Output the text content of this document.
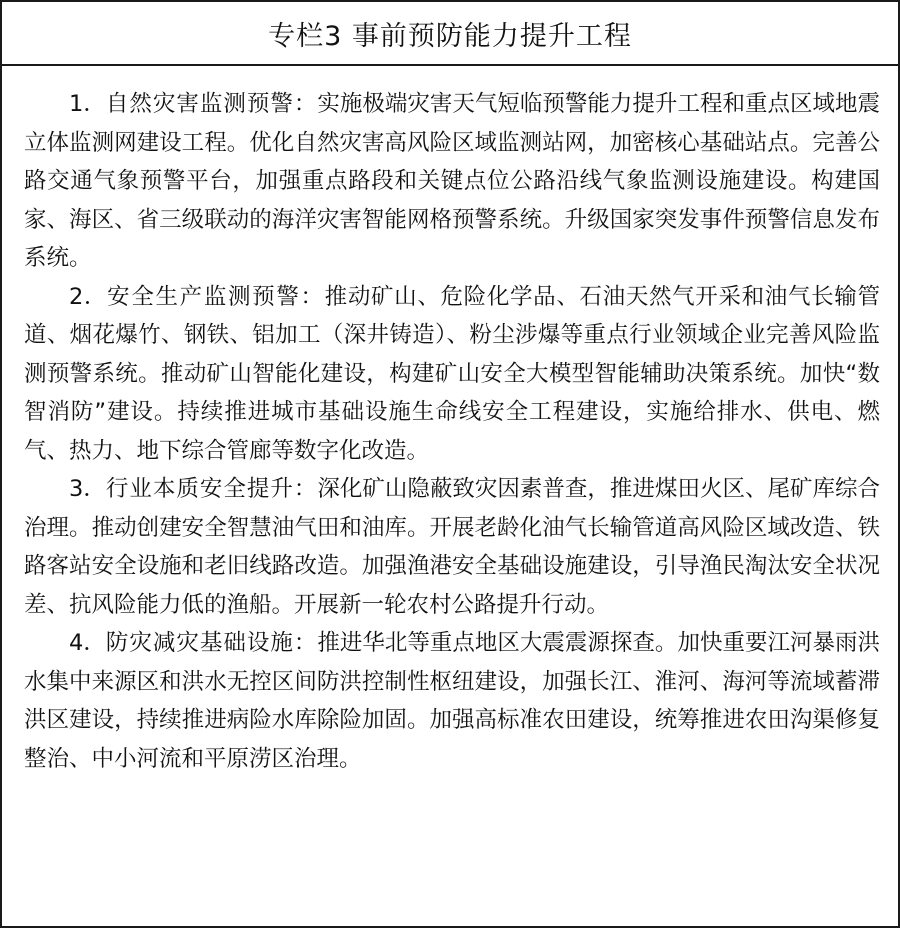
专栏3 事前预防能力提升工程

1．自然灾害监测预警：实施极端灾害天气短临预警能力提升工程和重点区域地震立体监测网建设工程。优化自然灾害高风险区域监测站网，加密核心基础站点。完善公路交通气象预警平台，加强重点路段和关键点位公路沿线气象监测设施建设。构建国家、海区、省三级联动的海洋灾害智能网格预警系统。升级国家突发事件预警信息发布系统。

2．安全生产监测预警：推动矿山、危险化学品、石油天然气开采和油气长输管道、烟花爆竹、钢铁、铝加工（深井铸造）、粉尘涉爆等重点行业领域企业完善风险监测预警系统。推动矿山智能化建设，构建矿山安全大模型智能辅助决策系统。加快“数智消防”建设。持续推进城市基础设施生命线安全工程建设，实施给排水、供电、燃气、热力、地下综合管廊等数字化改造。

3．行业本质安全提升：深化矿山隐蔽致灾因素普查，推进煤田火区、尾矿库综合治理。推动创建安全智慧油气田和油库。开展老龄化油气长输管道高风险区域改造、铁路客站安全设施和老旧线路改造。加强渔港安全基础设施建设，引导渔民淘汰安全状况差、抗风险能力低的渔船。开展新一轮农村公路提升行动。

4．防灾减灾基础设施：推进华北等重点地区大震震源探查。加快重要江河暴雨洪水集中来源区和洪水无控区间防洪控制性枢纽建设，加强长江、淮河、海河等流域蓄滞洪区建设，持续推进病险水库除险加固。加强高标准农田建设，统筹推进农田沟渠修复整治、中小河流和平原涝区治理。
